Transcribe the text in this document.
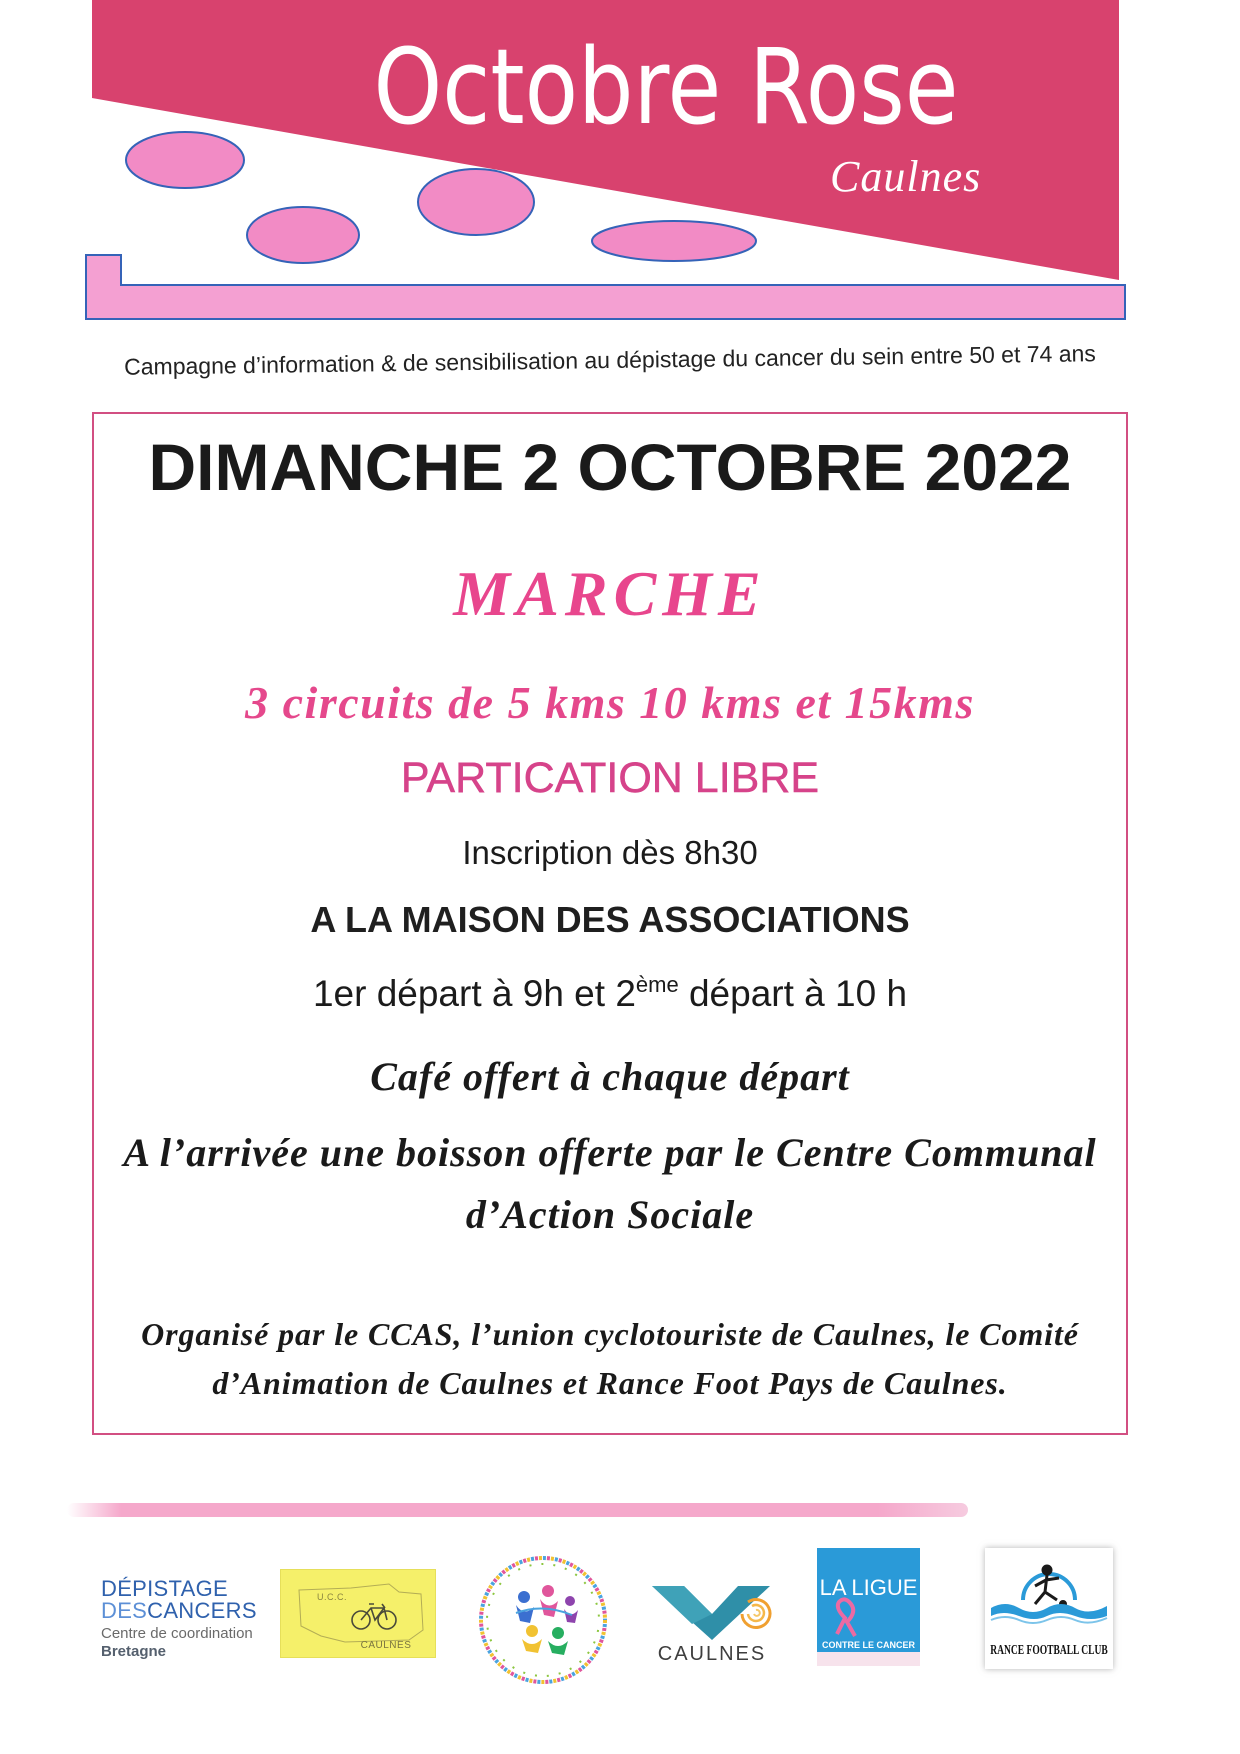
Octobre Rose
Caulnes
Campagne d’information & de sensibilisation au dépistage du cancer du sein entre 50 et 74 ans
DIMANCHE 2 OCTOBRE 2022
MARCHE
3 circuits de 5 kms 10 kms et 15kms
PARTICATION LIBRE
Inscription dès 8h30
A LA MAISON DES ASSOCIATIONS
1er départ à 9h et 2ème départ à 10 h
Café offert à chaque départ
A l’arrivée une boisson offerte par le Centre Communal
d’Action Sociale
Organisé par le CCAS, l’union cyclotouriste de Caulnes, le Comité
d’Animation de Caulnes et Rance Foot Pays de Caulnes.
DÉPISTAGE
DESCANCERS
Centre de coordination
Bretagne
U.C.C.
CAULNES	CAULNES
LA LIGUE
CONTRE LE CANCER	RANCE FOOTBALL CLUB
